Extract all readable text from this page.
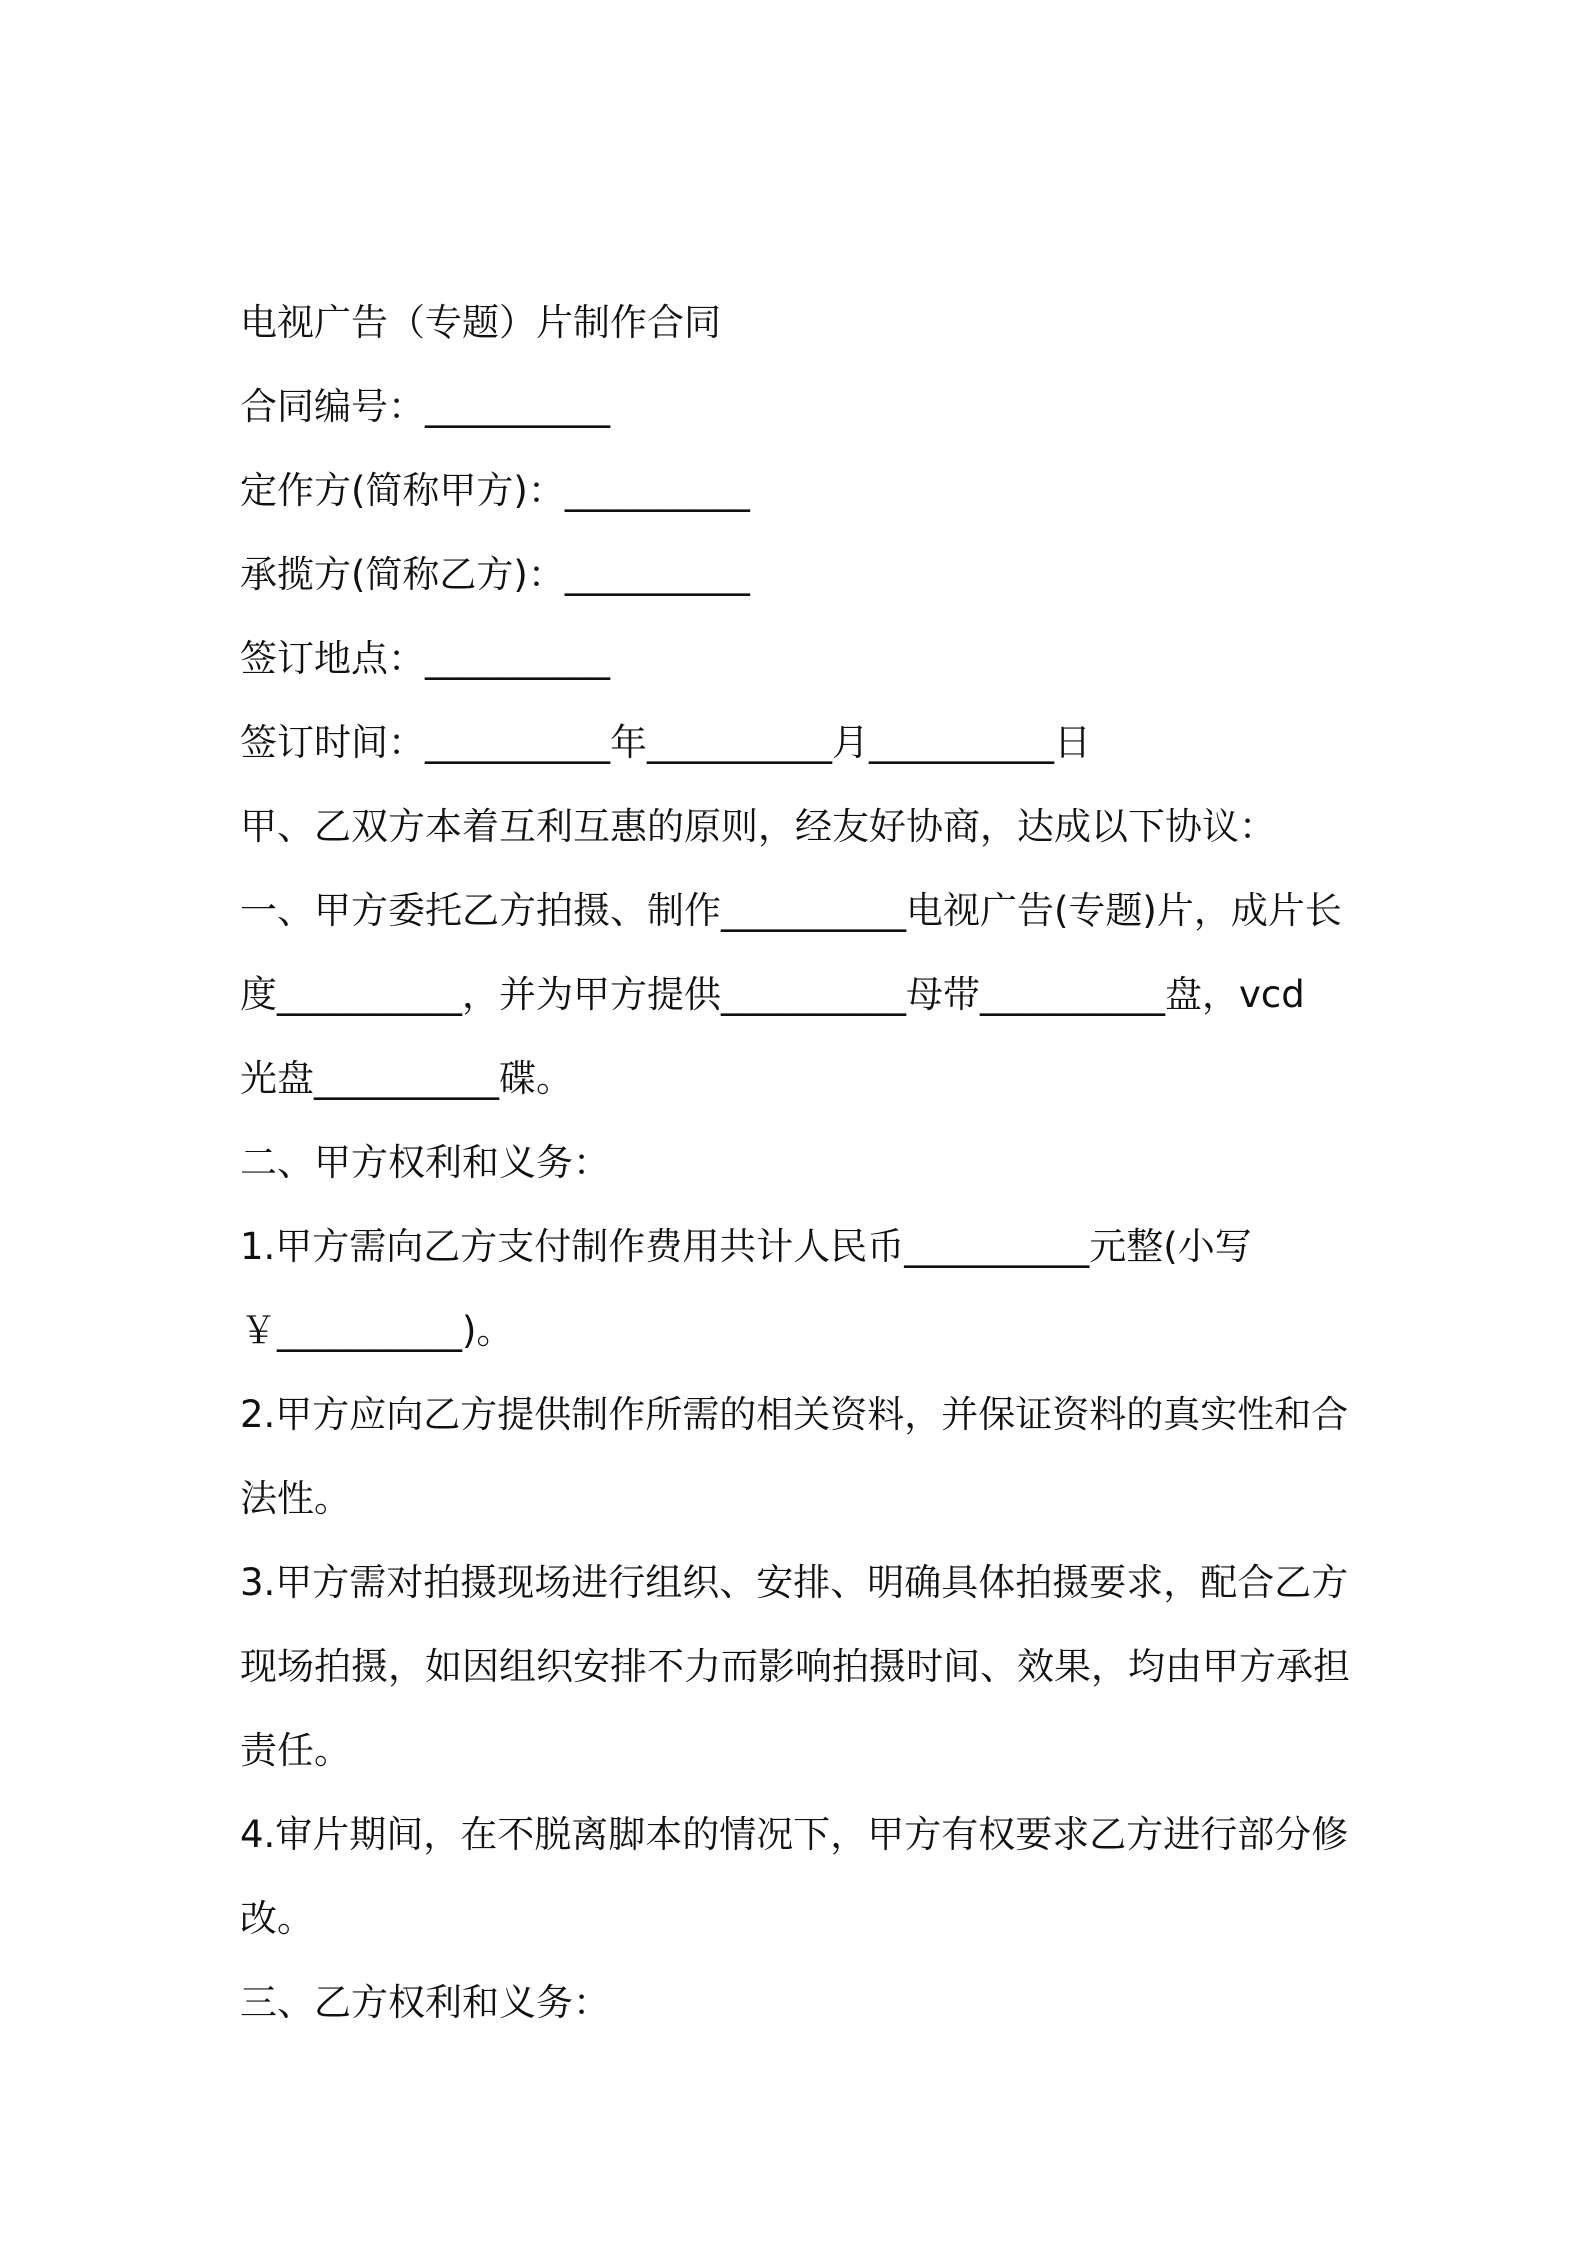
电视广告（专题）片制作合同
合同编号：__________
定作方(简称甲方)：__________
承揽方(简称乙方)：__________
签订地点：__________
签订时间：__________年__________月__________日
甲、乙双方本着互利互惠的原则，经友好协商，达成以下协议：
一、甲方委托乙方拍摄、制作__________电视广告(专题)片，成片长
度__________，并为甲方提供__________母带__________盘，vcd
光盘__________碟。
二、甲方权利和义务：
1.甲方需向乙方支付制作费用共计人民币__________元整(小写
￥__________)。
2.甲方应向乙方提供制作所需的相关资料，并保证资料的真实性和合
法性。
3.甲方需对拍摄现场进行组织、安排、明确具体拍摄要求，配合乙方
现场拍摄，如因组织安排不力而影响拍摄时间、效果，均由甲方承担
责任。
4.审片期间，在不脱离脚本的情况下，甲方有权要求乙方进行部分修
改。
三、乙方权利和义务：
